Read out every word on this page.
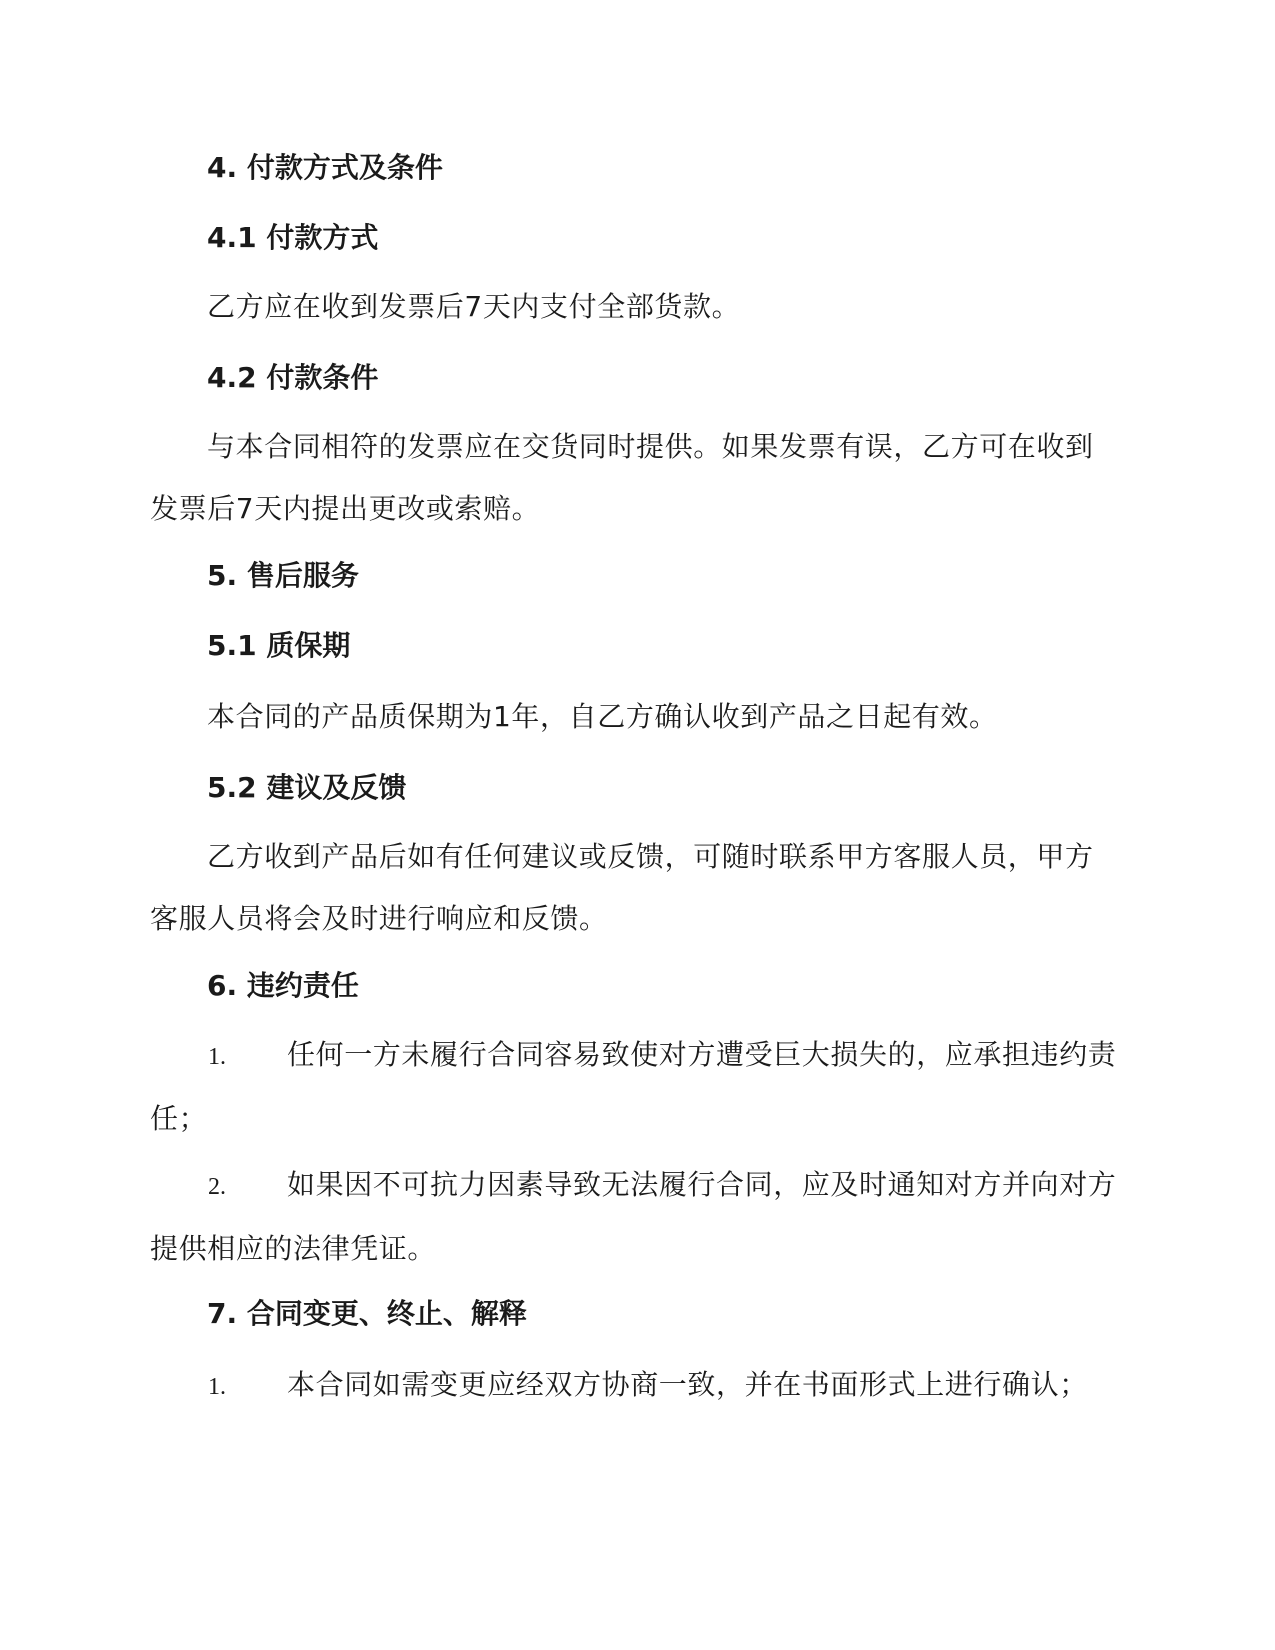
4. 付款方式及条件
4.1 付款方式

乙方应在收到发票后7天内支付全部货款。

4.2 付款条件

与本合同相符的发票应在交货同时提供。如果发票有误，乙方可在收到发票后7天内提出更改或索赔。

5. 售后服务
5.1 质保期

本合同的产品质保期为1年，自乙方确认收到产品之日起有效。

5.2 建议及反馈

乙方收到产品后如有任何建议或反馈，可随时联系甲方客服人员，甲方客服人员将会及时进行响应和反馈。

6. 违约责任

1. 任何一方未履行合同容易致使对方遭受巨大损失的，应承担违约责任；

2. 如果因不可抗力因素导致无法履行合同，应及时通知对方并向对方提供相应的法律凭证。

7. 合同变更、终止、解释

1. 本合同如需变更应经双方协商一致，并在书面形式上进行确认；
